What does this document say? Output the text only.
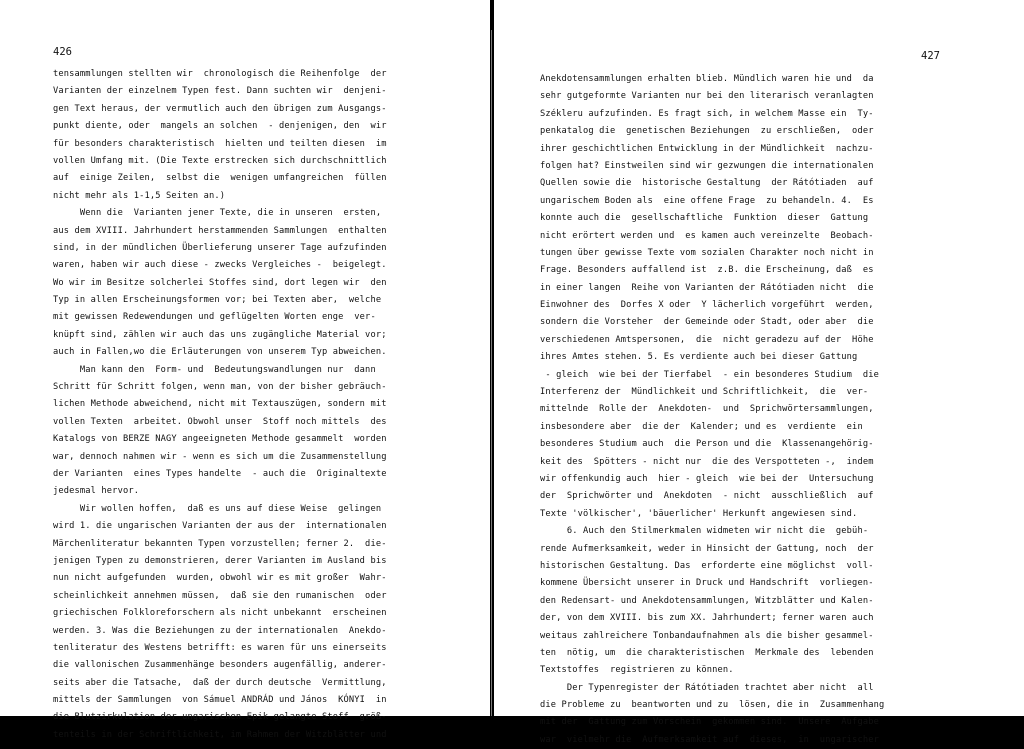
426
tensammlungen stellten wir  chronologisch die Reihenfolge  der
Varianten der einzelnem Typen fest. Dann suchten wir  denjeni-
gen Text heraus, der vermutlich auch den übrigen zum Ausgangs-
punkt diente, oder  mangels an solchen  - denjenigen, den  wir
für besonders charakteristisch  hielten und teilten diesen  im
vollen Umfang mit. (Die Texte erstrecken sich durchschnittlich
auf  einige Zeilen,  selbst die  wenigen umfangreichen  füllen
nicht mehr als 1-1,5 Seiten an.)
Wenn die  Varianten jener Texte, die in unseren  ersten,
aus dem XVIII. Jahrhundert herstammenden Sammlungen  enthalten
sind, in der mündlichen Überlieferung unserer Tage aufzufinden
waren, haben wir auch diese - zwecks Vergleiches -  beigelegt.
Wo wir im Besitze solcherlei Stoffes sind, dort legen wir  den
Typ in allen Erscheinungsformen vor; bei Texten aber,  welche
mit gewissen Redewendungen und geflügelten Worten enge  ver-
knüpft sind, zählen wir auch das uns zugängliche Material vor;
auch in Fallen,wo die Erläuterungen von unserem Typ abweichen.
Man kann den  Form- und  Bedeutungswandlungen nur  dann
Schritt für Schritt folgen, wenn man, von der bisher gebräuch-
lichen Methode abweichend, nicht mit Textauszügen, sondern mit
vollen Texten  arbeitet. Obwohl unser  Stoff noch mittels  des
Katalogs von BERZE NAGY angeeigneten Methode gesammelt  worden
war, dennoch nahmen wir - wenn es sich um die Zusammenstellung
der Varianten  eines Types handelte  - auch die  Originaltexte
jedesmal hervor.
Wir wollen hoffen,  daß es uns auf diese Weise  gelingen
wird 1. die ungarischen Varianten der aus der  internationalen
Märchenliteratur bekannten Typen vorzustellen; ferner 2.  die-
jenigen Typen zu demonstrieren, derer Varianten im Ausland bis
nun nicht aufgefunden  wurden, obwohl wir es mit großer  Wahr-
scheinlichkeit annehmen müssen,  daß sie den rumanischen  oder
griechischen Folkloreforschern als nicht unbekannt  erscheinen
werden. 3. Was die Beziehungen zu der internationalen  Anekdo-
tenliteratur des Westens betrifft: es waren für uns einerseits
die vallonischen Zusammenhänge besonders augenfällig, anderer-
seits aber die Tatsache,  daß der durch deutsche  Vermittlung,
mittels der Sammlungen  von Sámuel ANDRÁD und János  KÓNYI  in
die Blutzirkulation der ungarischen Epik gelangte Stoff  größ-
tenteils in der Schriftlichkeit, im Rahmen der Witzblätter und
427
Anekdotensammlungen erhalten blieb. Mündlich waren hie und  da
sehr gutgeformte Varianten nur bei den literarisch veranlagten
Székleru aufzufinden. Es fragt sich, in welchem Masse ein  Ty-
penkatalog die  genetischen Beziehungen  zu erschließen,  oder
ihrer geschichtlichen Entwicklung in der Mündlichkeit  nachzu-
folgen hat? Einstweilen sind wir gezwungen die internationalen
Quellen sowie die  historische Gestaltung  der Rátótiaden  auf
ungarischem Boden als  eine offene Frage  zu behandeln. 4.  Es
konnte auch die  gesellschaftliche  Funktion  dieser  Gattung
nicht erörtert werden und  es kamen auch vereinzelte  Beobach-
tungen über gewisse Texte vom sozialen Charakter noch nicht in
Frage. Besonders auffallend ist  z.B. die Erscheinung, daß  es
in einer langen  Reihe von Varianten der Rátótiaden nicht  die
Einwohner des  Dorfes X oder  Y lächerlich vorgeführt  werden,
sondern die Vorsteher  der Gemeinde oder Stadt, oder aber  die
verschiedenen Amtspersonen,  die  nicht geradezu auf der  Höhe
ihres Amtes stehen. 5. Es verdiente auch bei dieser Gattung
- gleich  wie bei der Tierfabel  - ein besonderes Studium  die
Interferenz der  Mündlichkeit und Schriftlichkeit,  die  ver-
mittelnde  Rolle der  Anekdoten-  und  Sprichwörtersammlungen,
insbesondere aber  die der  Kalender; und es  verdiente  ein
besonderes Studium auch  die Person und die  Klassenangehörig-
keit des  Spötters - nicht nur  die des Verspotteten -,  indem
wir offenkundig auch  hier - gleich  wie bei der  Untersuchung
der  Sprichwörter und  Anekdoten  - nicht  ausschließlich  auf
Texte 'völkischer', 'bäuerlicher' Herkunft angewiesen sind.
6. Auch den Stilmerkmalen widmeten wir nicht die  gebüh-
rende Aufmerksamkeit, weder in Hinsicht der Gattung, noch  der
historischen Gestaltung. Das  erforderte eine möglichst  voll-
kommene Übersicht unserer in Druck und Handschrift  vorliegen-
den Redensart- und Anekdotensammlungen, Witzblätter und Kalen-
der, von dem XVIII. bis zum XX. Jahrhundert; ferner waren auch
weitaus zahlreichere Tonbandaufnahmen als die bisher gesammel-
ten  nötig, um  die charakteristischen  Merkmale des  lebenden
Textstoffes  registrieren zu können.
Der Typenregister der Rátótiaden trachtet aber nicht  all
die Probleme zu  beantworten und zu  lösen, die in  Zusammenhang
mit der  Gattung zum Vorschein  gekommen sind.  Unsere  Aufgabe
war  vielmehr die  Aufmerksamkeit auf  dieses,  in  ungarischer
